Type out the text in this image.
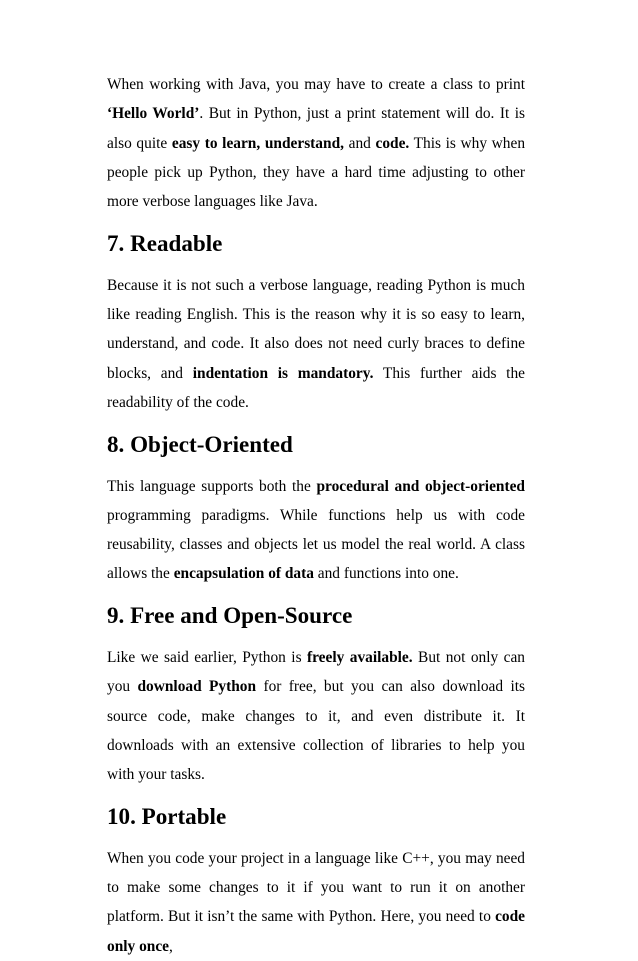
When working with Java, you may have to create a class to print ‘Hello World’. But in Python, just a print statement will do. It is also quite easy to learn, understand, and code. This is why when people pick up Python, they have a hard time adjusting to other more verbose languages like Java.

7. Readable

Because it is not such a verbose language, reading Python is much like reading English. This is the reason why it is so easy to learn, understand, and code. It also does not need curly braces to define blocks, and indentation is mandatory. This further aids the readability of the code.

8. Object-Oriented

This language supports both the procedural and object-oriented programming paradigms. While functions help us with code reusability, classes and objects let us model the real world. A class allows the encapsulation of data and functions into one.

9. Free and Open-Source

Like we said earlier, Python is freely available. But not only can you download Python for free, but you can also download its source code, make changes to it, and even distribute it. It downloads with an extensive collection of libraries to help you with your tasks.

10. Portable

When you code your project in a language like C++, you may need to make some changes to it if you want to run it on another platform. But it isn’t the same with Python. Here, you need to code only once,
